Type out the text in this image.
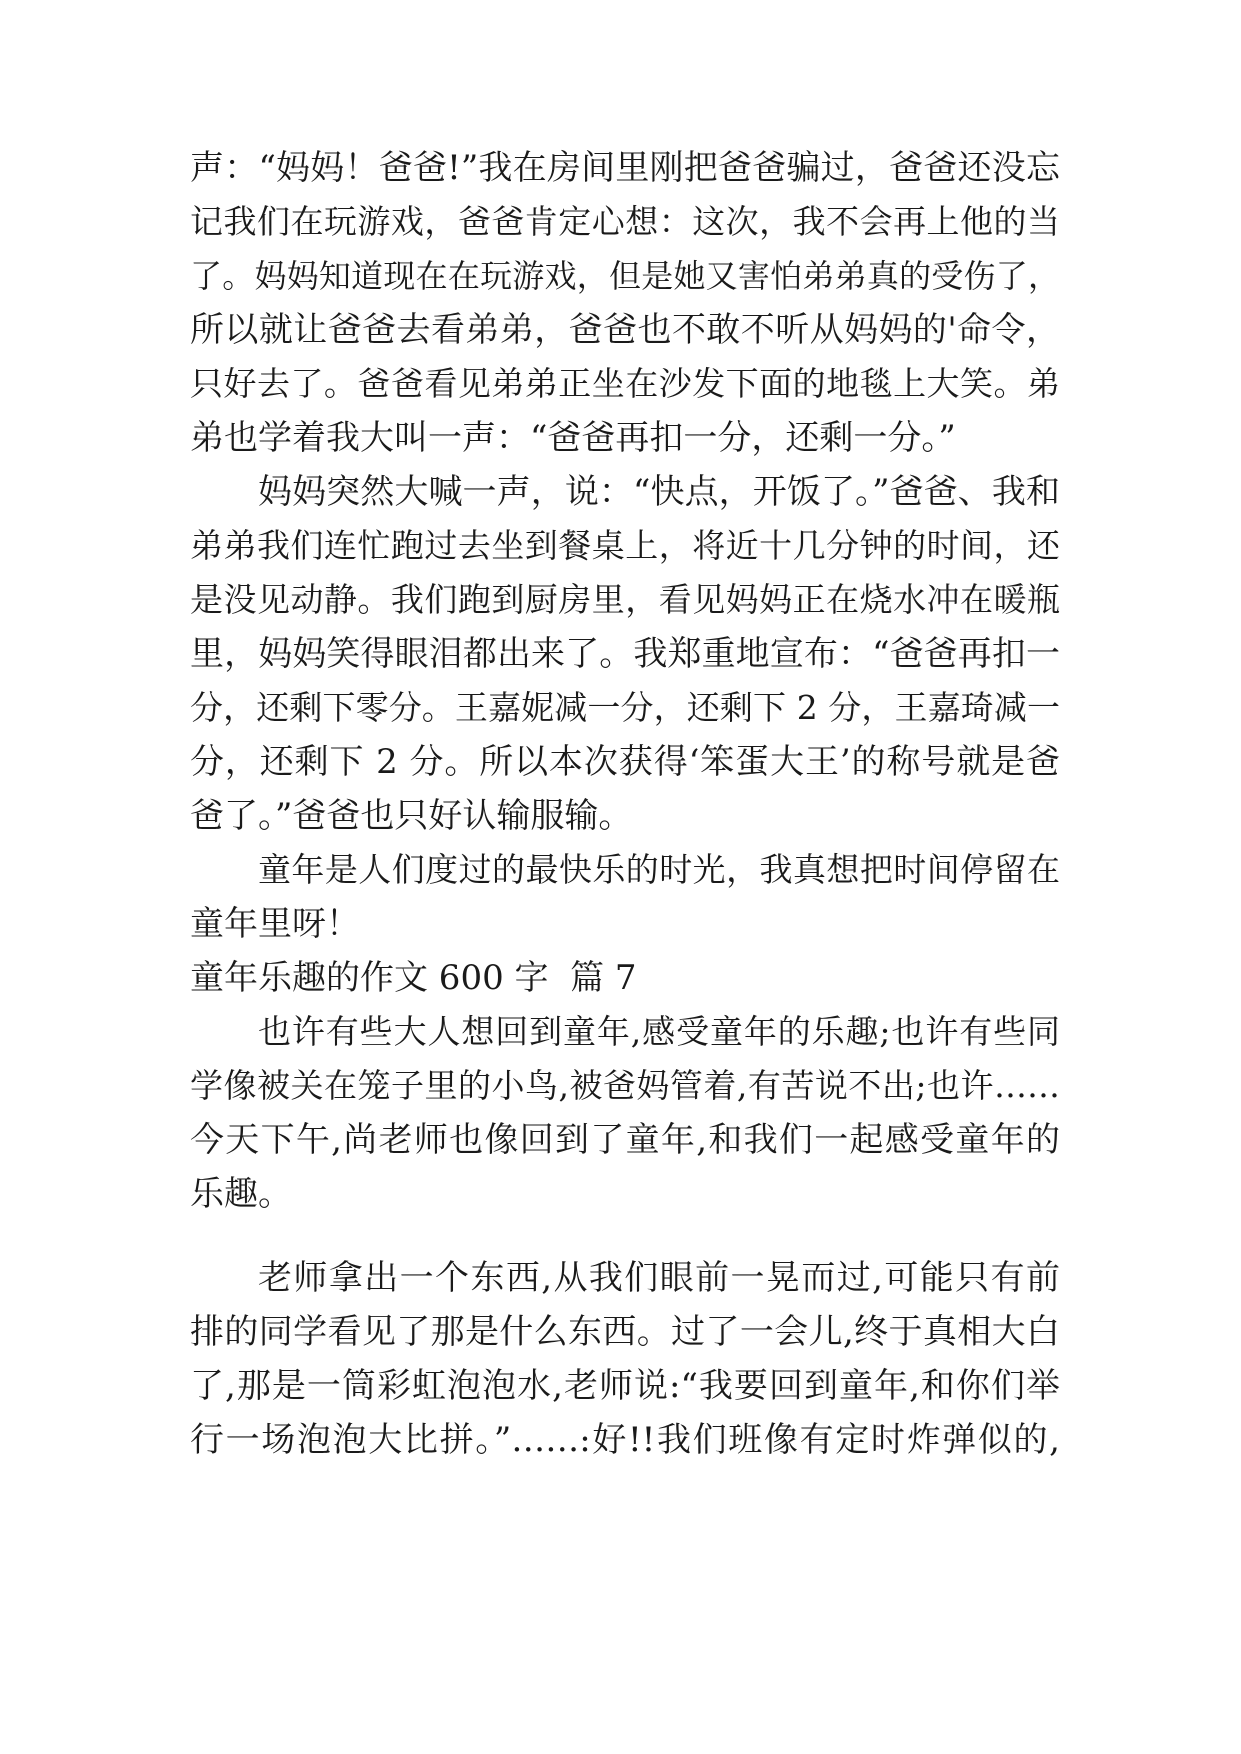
声：“妈妈！爸爸!”我在房间里刚把爸爸骗过，爸爸还没忘
记我们在玩游戏，爸爸肯定心想：这次，我不会再上他的当
了。妈妈知道现在在玩游戏，但是她又害怕弟弟真的受伤了，
所以就让爸爸去看弟弟，爸爸也不敢不听从妈妈的'命令，
只好去了。爸爸看见弟弟正坐在沙发下面的地毯上大笑。弟
弟也学着我大叫一声：“爸爸再扣一分，还剩一分。”
妈妈突然大喊一声，说：“快点，开饭了。”爸爸、我和
弟弟我们连忙跑过去坐到餐桌上，将近十几分钟的时间，还
是没见动静。我们跑到厨房里，看见妈妈正在烧水冲在暖瓶
里，妈妈笑得眼泪都出来了。我郑重地宣布：“爸爸再扣一
分，还剩下零分。王嘉妮减一分，还剩下 2 分，王嘉琦减一
分，还剩下 2 分。所以本次获得‘笨蛋大王’的称号就是爸
爸了。”爸爸也只好认输服输。
童年是人们度过的最快乐的时光，我真想把时间停留在
童年里呀！
童年乐趣的作文 600 字  篇 7
也许有些大人想回到童年,感受童年的乐趣;也许有些同
学像被关在笼子里的小鸟,被爸妈管着,有苦说不出;也许……
今天下午,尚老师也像回到了童年,和我们一起感受童年的
乐趣。
老师拿出一个东西,从我们眼前一晃而过,可能只有前
排的同学看见了那是什么东西。过了一会儿,终于真相大白
了,那是一筒彩虹泡泡水,老师说:“我要回到童年,和你们举
行一场泡泡大比拼。”……:好!!我们班像有定时炸弹似的,
